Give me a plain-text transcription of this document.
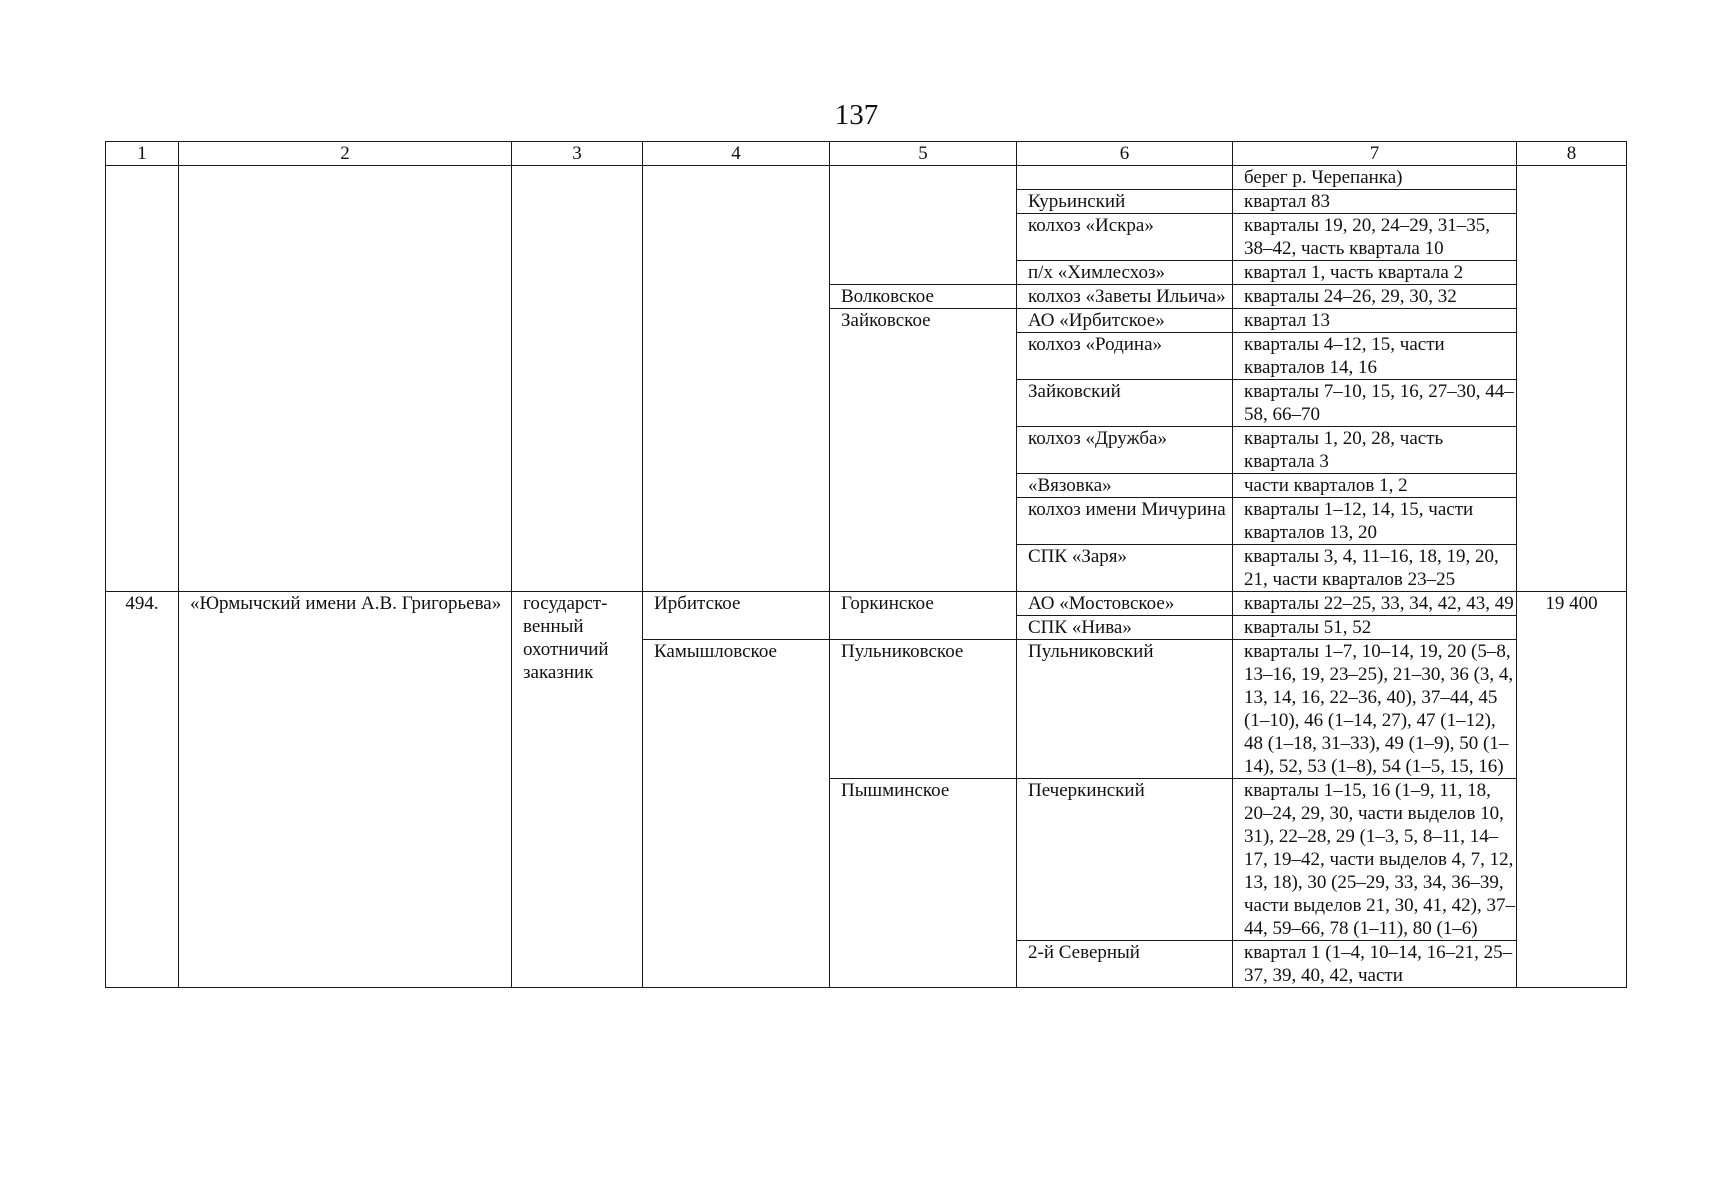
137
1	2	3	4	5	6	7	8
						берег р. Черепанка)	
					Курьинский	квартал 83	
					колхоз «Искра»	кварталы 19, 20, 24–29, 31–35, 38–42, часть квартала 10	
					п/х «Химлесхоз»	квартал 1, часть квартала 2	
				Волковское	колхоз «Заветы Ильича»	кварталы 24–26, 29, 30, 32	
				Зайковское	АО «Ирбитское»	квартал 13	
					колхоз «Родина»	кварталы 4–12, 15, части кварталов 14, 16	
					Зайковский	кварталы 7–10, 15, 16, 27–30, 44–58, 66–70	
					колхоз «Дружба»	кварталы 1, 20, 28, часть квартала 3	
					«Вязовка»	части кварталов 1, 2	
					колхоз имени Мичурина	кварталы 1–12, 14, 15, части кварталов 13, 20	
					СПК «Заря»	кварталы 3, 4, 11–16, 18, 19, 20, 21, части кварталов 23–25	
494.	«Юрмычский имени А.В. Григорьева»	государст-венный охотничий заказник	Ирбитское	Горкинское	АО «Мостовское»	кварталы 22–25, 33, 34, 42, 43, 49	19 400
					СПК «Нива»	кварталы 51, 52	
			Камышловское	Пульниковское	Пульниковский	кварталы 1–7, 10–14, 19, 20 (5–8, 13–16, 19, 23–25), 21–30, 36 (3, 4, 13, 14, 16, 22–36, 40), 37–44, 45 (1–10), 46 (1–14, 27), 47 (1–12), 48 (1–18, 31–33), 49 (1–9), 50 (1–14), 52, 53 (1–8), 54 (1–5, 15, 16)	
				Пышминское	Печеркинский	кварталы 1–15, 16 (1–9, 11, 18, 20–24, 29, 30, части выделов 10, 31), 22–28, 29 (1–3, 5, 8–11, 14–17, 19–42, части выделов 4, 7, 12, 13, 18), 30 (25–29, 33, 34, 36–39, части выделов 21, 30, 41, 42), 37–44, 59–66, 78 (1–11), 80 (1–6)	
					2-й Северный	квартал 1 (1–4, 10–14, 16–21, 25–37, 39, 40, 42, части	
